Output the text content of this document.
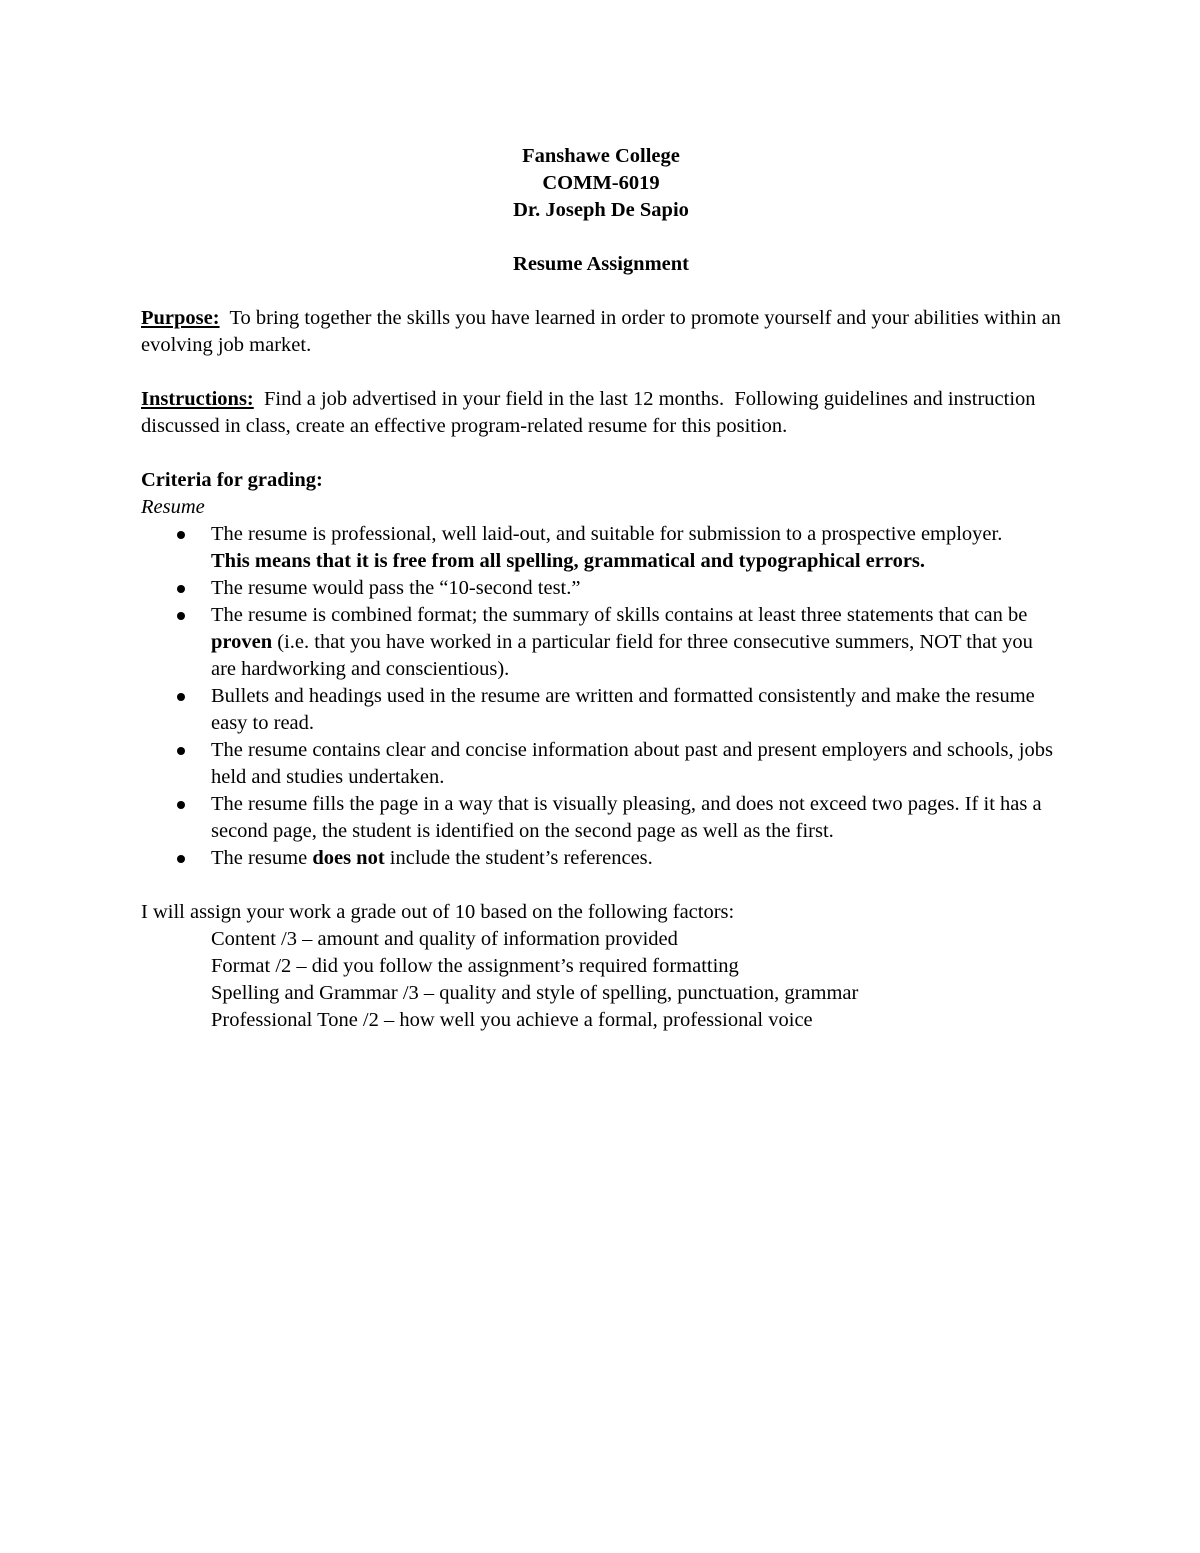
Fanshawe College
COMM-6019
Dr. Joseph De Sapio
Resume Assignment

Purpose:  To bring together the skills you have learned in order to promote yourself and your abilities within an evolving job market.

Instructions:  Find a job advertised in your field in the last 12 months.  Following guidelines and instruction discussed in class, create an effective program-related resume for this position.

Criteria for grading:
Resume
The resume is professional, well laid-out, and suitable for submission to a prospective employer.
This means that it is free from all spelling, grammatical and typographical errors.
The resume would pass the “10-second test.”
The resume is combined format; the summary of skills contains at least three statements that can be proven (i.e. that you have worked in a particular field for three consecutive summers, NOT that you are hardworking and conscientious).
Bullets and headings used in the resume are written and formatted consistently and make the resume easy to read.
The resume contains clear and concise information about past and present employers and schools, jobs held and studies undertaken.
The resume fills the page in a way that is visually pleasing, and does not exceed two pages. If it has a second page, the student is identified on the second page as well as the first.
The resume does not include the student’s references.

I will assign your work a grade out of 10 based on the following factors:

Content /3 – amount and quality of information provided
Format /2 – did you follow the assignment’s required formatting
Spelling and Grammar /3 – quality and style of spelling, punctuation, grammar
Professional Tone /2 – how well you achieve a formal, professional voice
